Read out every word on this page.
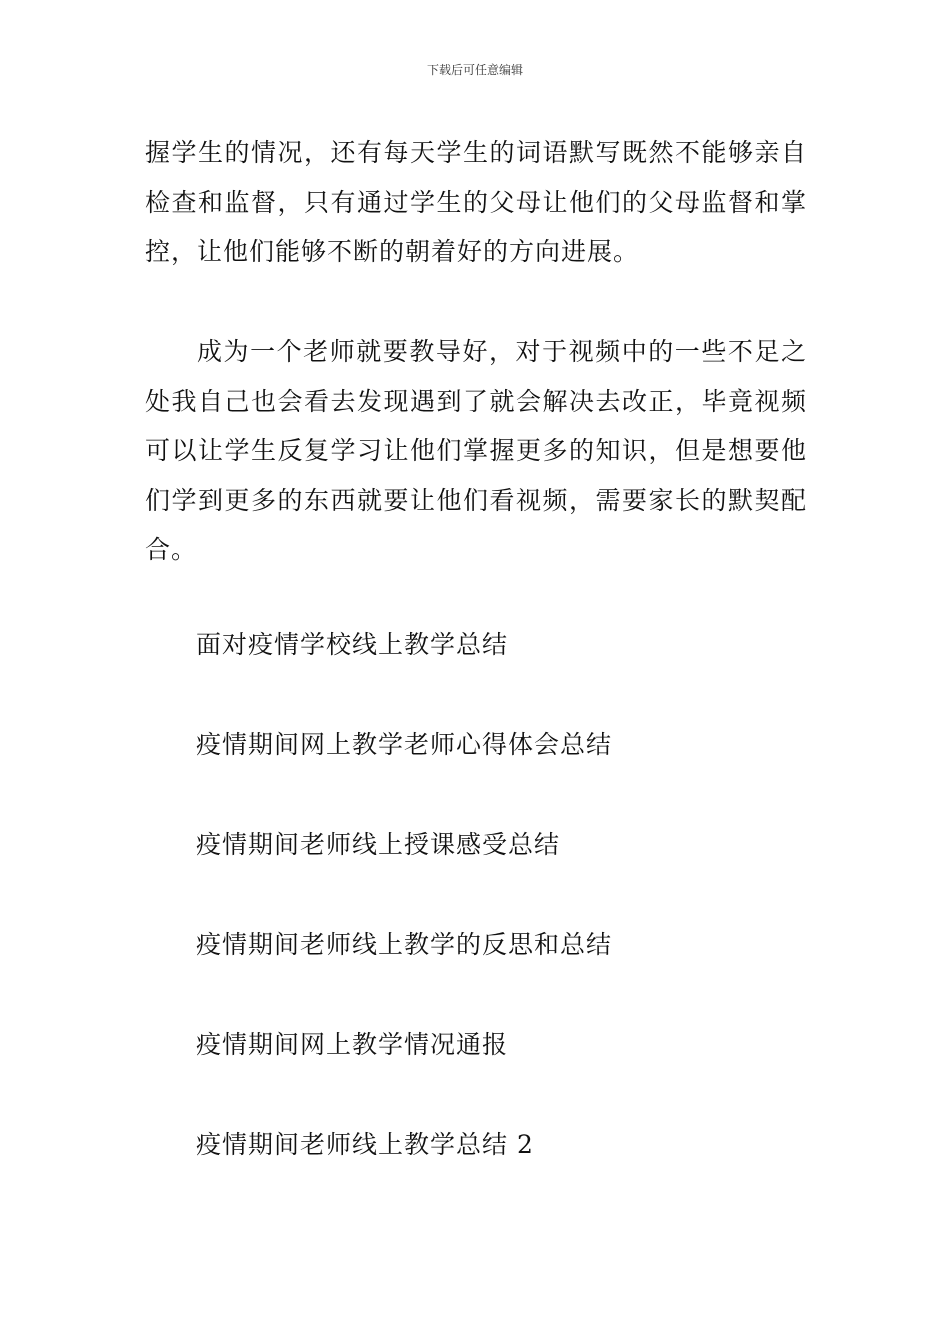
下载后可任意编辑

握学生的情况，还有每天学生的词语默写既然不能够亲自检查和监督，只有通过学生的父母让他们的父母监督和掌控，让他们能够不断的朝着好的方向进展。

成为一个老师就要教导好，对于视频中的一些不足之处我自己也会看去发现遇到了就会解决去改正，毕竟视频可以让学生反复学习让他们掌握更多的知识，但是想要他们学到更多的东西就要让他们看视频，需要家长的默契配合。

面对疫情学校线上教学总结
疫情期间网上教学老师心得体会总结
疫情期间老师线上授课感受总结
疫情期间老师线上教学的反思和总结
疫情期间网上教学情况通报
疫情期间老师线上教学总结 2
